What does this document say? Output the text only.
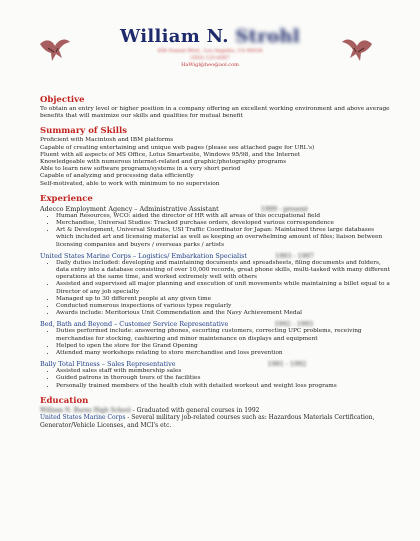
William N. Strohl
456 Sunset Blvd., Los Angeles, CA 90028
(555) 123-4567
HaWigl@heo@aol.com
Objective

To obtain an entry level or higher position in a company offering an excellent working environment and above average benefits that will maximize our skills and qualities for mutual benefit

Summary of Skills
Proficient with Macintosh and IBM platforms
Capable of creating entertaining and unique web pages (please see attached page for URL's)
Fluent with all aspects of MS Office, Lotus Smartsuite, Windows 95/98, and the Internet
Knowledgeable with numerous internet-related and graphic/photography programs
Able to learn new software programs/systems in a very short period
Capable of analyzing and processing data efficiently
Self-motivated, able to work with minimum to no supervision
Experience
Adecco Employment Agency – Administrative Assistant	1999 - present
• Human Resources, WCO: aided the director of HR with all areas of this occupational field
• Merchandise, Universal Studios: Tracked purchase orders, developed various correspondence
• Art & Development, Universal Studios, USI Traffic Coordinator for Japan: Maintained three large databases which included art and licensing material as well as keeping an overwhelming amount of files; liaison between licensing companies and buyers / overseas parks / artists
United States Marine Corps – Logistics/ Embarkation Specialist	1993 - 1997
• Daily duties included: developing and maintaining documents and spreadsheets, filing documents and folders, data entry into a database consisting of over 10,000 records, great phone skills, multi-tasked with many different operations at the same time, and worked extremely well with others
• Assisted and supervised all major planning and execution of unit movements while maintaining a billet equal to a Director of any job specialty
• Managed up to 30 different people at any given time
• Conducted numerous inspections of various types regularly
• Awards include: Meritorious Unit Commendation and the Navy Achievement Medal
Bed, Bath and Beyond – Customer Service Representative	1992 - 1993
• Duties performed include: answering phones, escorting customers, correcting UPC problems, receiving merchandise for stocking, cashiering and minor maintenance on displays and equipment
• Helped to open the store for the Grand Opening
• Attended many workshops relating to store merchandise and loss prevention
Bally Total Fitness – Sales Representative	1991 - 1992
• Assisted sales staff with membership sales
• Guided patrons in thorough tours of the facilities
• Personally trained members of the health club with detailed workout and weight loss programs
Education
William N. Burns High School - Graduated with general courses in 1992
United States Marine Corps - Several military job-related courses such as: Hazardous Materials Certification, Generator/Vehicle Licenses, and MCI's etc.
